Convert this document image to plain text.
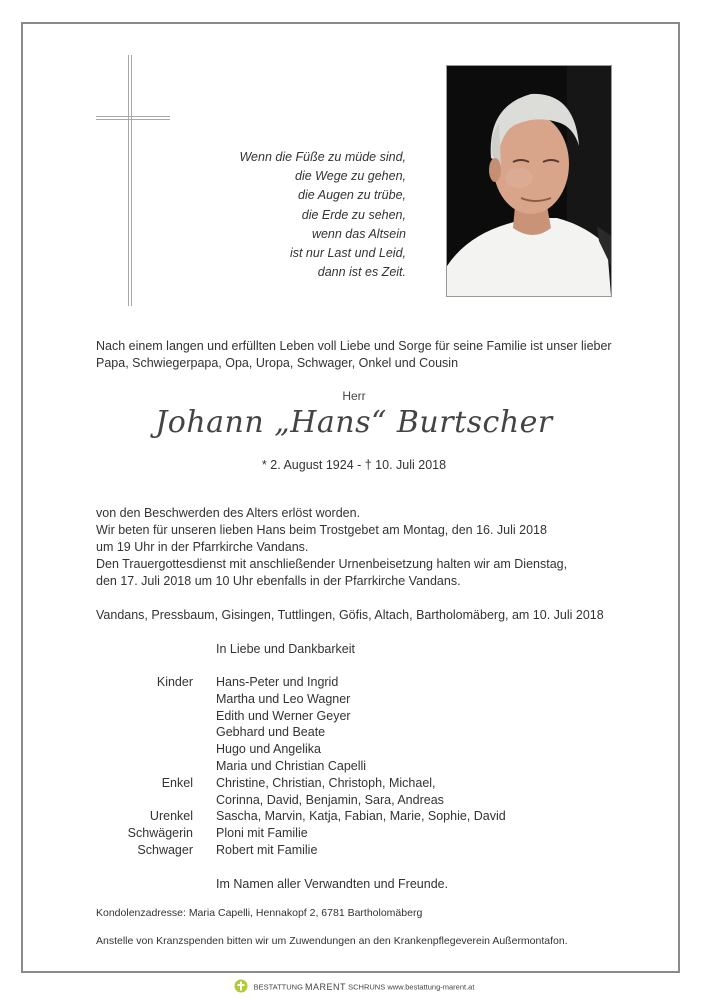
Wenn die Füße zu müde sind,
die Wege zu gehen,
die Augen zu trübe,
die Erde zu sehen,
wenn das Altsein
ist nur Last und Leid,
dann ist es Zeit.
Nach einem langen und erfüllten Leben voll Liebe und Sorge für seine Familie ist unser lieber
Papa, Schwiegerpapa, Opa, Uropa, Schwager, Onkel und Cousin
Herr
Johann „Hans“ Burtscher
* 2. August 1924 - † 10. Juli 2018
von den Beschwerden des Alters erlöst worden.
Wir beten für unseren lieben Hans beim Trostgebet am Montag, den 16. Juli 2018
um 19 Uhr in der Pfarrkirche Vandans.
Den Trauergottesdienst mit anschließender Urnenbeisetzung halten wir am Dienstag,
den 17. Juli 2018 um 10 Uhr ebenfalls in der Pfarrkirche Vandans.
Vandans, Pressbaum, Gisingen, Tuttlingen, Göfis, Altach, Bartholomäberg, am 10. Juli 2018
In Liebe und Dankbarkeit
Kinder Hans-Peter und Ingrid
Martha und Leo Wagner
Edith und Werner Geyer
Gebhard und Beate
Hugo und Angelika
Maria und Christian Capelli
Enkel Christine, Christian, Christoph, Michael,
Corinna, David, Benjamin, Sara, Andreas
Urenkel Sascha, Marvin, Katja, Fabian, Marie, Sophie, David
Schwägerin Ploni mit Familie
Schwager Robert mit Familie
Im Namen aller Verwandten und Freunde.
Kondolenzadresse: Maria Capelli, Hennakopf 2, 6781 Bartholomäberg
Anstelle von Kranzspenden bitten wir um Zuwendungen an den Krankenpflegeverein Außermontafon.
BESTATTUNG MARENT SCHRUNS www.bestattung-marent.at
